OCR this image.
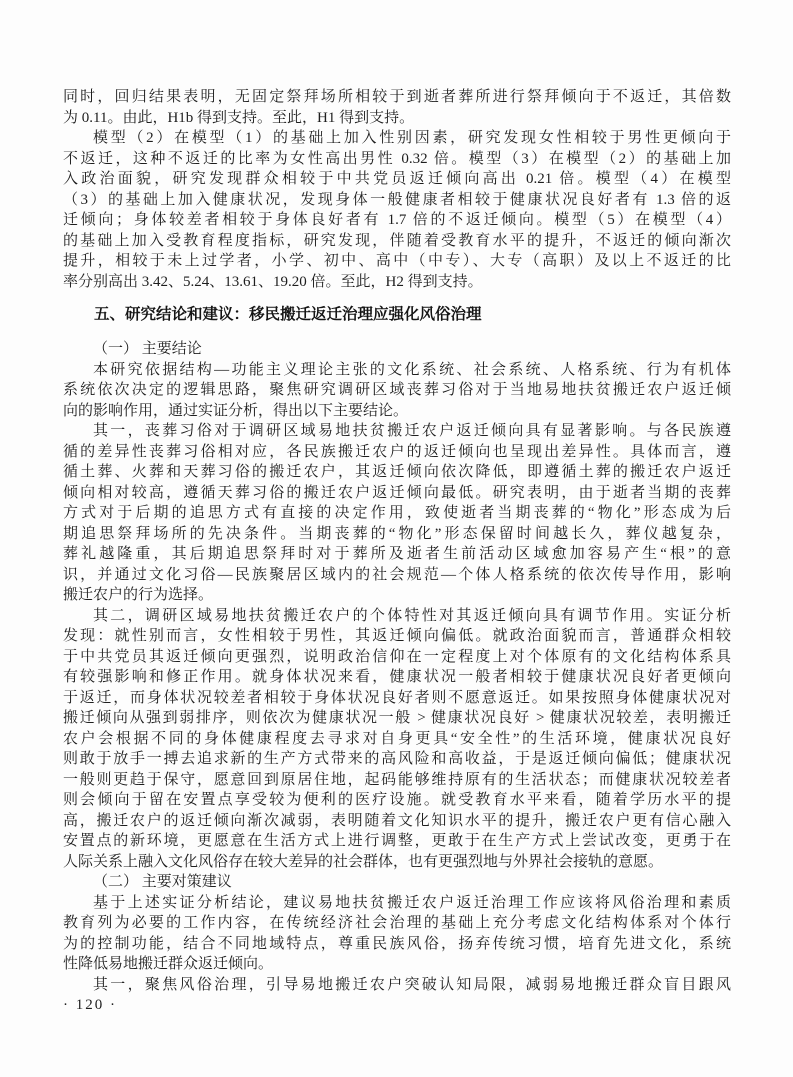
同时，回归结果表明，无固定祭拜场所相较于到逝者葬所进行祭拜倾向于不返迁，其倍数
为 0.11。由此，H1b 得到支持。至此，H1 得到支持。
模型（2）在模型（1）的基础上加入性别因素，研究发现女性相较于男性更倾向于
不返迁，这种不返迁的比率为女性高出男性 0.32 倍。模型（3）在模型（2）的基础上加
入政治面貌，研究发现群众相较于中共党员返迁倾向高出 0.21 倍。模型（4）在模型
（3）的基础上加入健康状况，发现身体一般健康者相较于健康状况良好者有 1.3 倍的返
迁倾向；身体较差者相较于身体良好者有 1.7 倍的不返迁倾向。模型（5）在模型（4）
的基础上加入受教育程度指标，研究发现，伴随着受教育水平的提升，不返迁的倾向渐次
提升，相较于未上过学者，小学、初中、高中（中专）、大专（高职）及以上不返迁的比
率分别高出 3.42、5.24、13.61、19.20 倍。至此，H2 得到支持。
五、研究结论和建议：移民搬迁返迁治理应强化风俗治理
（一） 主要结论
本研究依据结构—功能主义理论主张的文化系统、社会系统、人格系统、行为有机体
系统依次决定的逻辑思路，聚焦研究调研区域丧葬习俗对于当地易地扶贫搬迁农户返迁倾
向的影响作用，通过实证分析，得出以下主要结论。
其一，丧葬习俗对于调研区域易地扶贫搬迁农户返迁倾向具有显著影响。与各民族遵
循的差异性丧葬习俗相对应，各民族搬迁农户的返迁倾向也呈现出差异性。具体而言，遵
循土葬、火葬和天葬习俗的搬迁农户，其返迁倾向依次降低，即遵循土葬的搬迁农户返迁
倾向相对较高，遵循天葬习俗的搬迁农户返迁倾向最低。研究表明，由于逝者当期的丧葬
方式对于后期的追思方式有直接的决定作用，致使逝者当期丧葬的“物化”形态成为后
期追思祭拜场所的先决条件。当期丧葬的“物化”形态保留时间越长久，葬仪越复杂，
葬礼越隆重，其后期追思祭拜时对于葬所及逝者生前活动区域愈加容易产生“根”的意
识，并通过文化习俗—民族聚居区域内的社会规范—个体人格系统的依次传导作用，影响
搬迁农户的行为选择。
其二，调研区域易地扶贫搬迁农户的个体特性对其返迁倾向具有调节作用。实证分析
发现：就性别而言，女性相较于男性，其返迁倾向偏低。就政治面貌而言，普通群众相较
于中共党员其返迁倾向更强烈，说明政治信仰在一定程度上对个体原有的文化结构体系具
有较强影响和修正作用。就身体状况来看，健康状况一般者相较于健康状况良好者更倾向
于返迁，而身体状况较差者相较于身体状况良好者则不愿意返迁。如果按照身体健康状况对
搬迁倾向从强到弱排序，则依次为健康状况一般 > 健康状况良好 > 健康状况较差，表明搬迁
农户会根据不同的身体健康程度去寻求对自身更具“安全性”的生活环境，健康状况良好
则敢于放手一搏去追求新的生产方式带来的高风险和高收益，于是返迁倾向偏低；健康状况
一般则更趋于保守，愿意回到原居住地，起码能够维持原有的生活状态；而健康状况较差者
则会倾向于留在安置点享受较为便利的医疗设施。就受教育水平来看，随着学历水平的提
高，搬迁农户的返迁倾向渐次减弱，表明随着文化知识水平的提升，搬迁农户更有信心融入
安置点的新环境，更愿意在生活方式上进行调整，更敢于在生产方式上尝试改变，更勇于在
人际关系上融入文化风俗存在较大差异的社会群体，也有更强烈地与外界社会接轨的意愿。
（二） 主要对策建议
基于上述实证分析结论，建议易地扶贫搬迁农户返迁治理工作应该将风俗治理和素质
教育列为必要的工作内容，在传统经济社会治理的基础上充分考虑文化结构体系对个体行
为的控制功能，结合不同地域特点，尊重民族风俗，扬弃传统习惯，培育先进文化，系统
性降低易地搬迁群众返迁倾向。
其一，聚焦风俗治理，引导易地搬迁农户突破认知局限，减弱易地搬迁群众盲目跟风
· 120 ·
